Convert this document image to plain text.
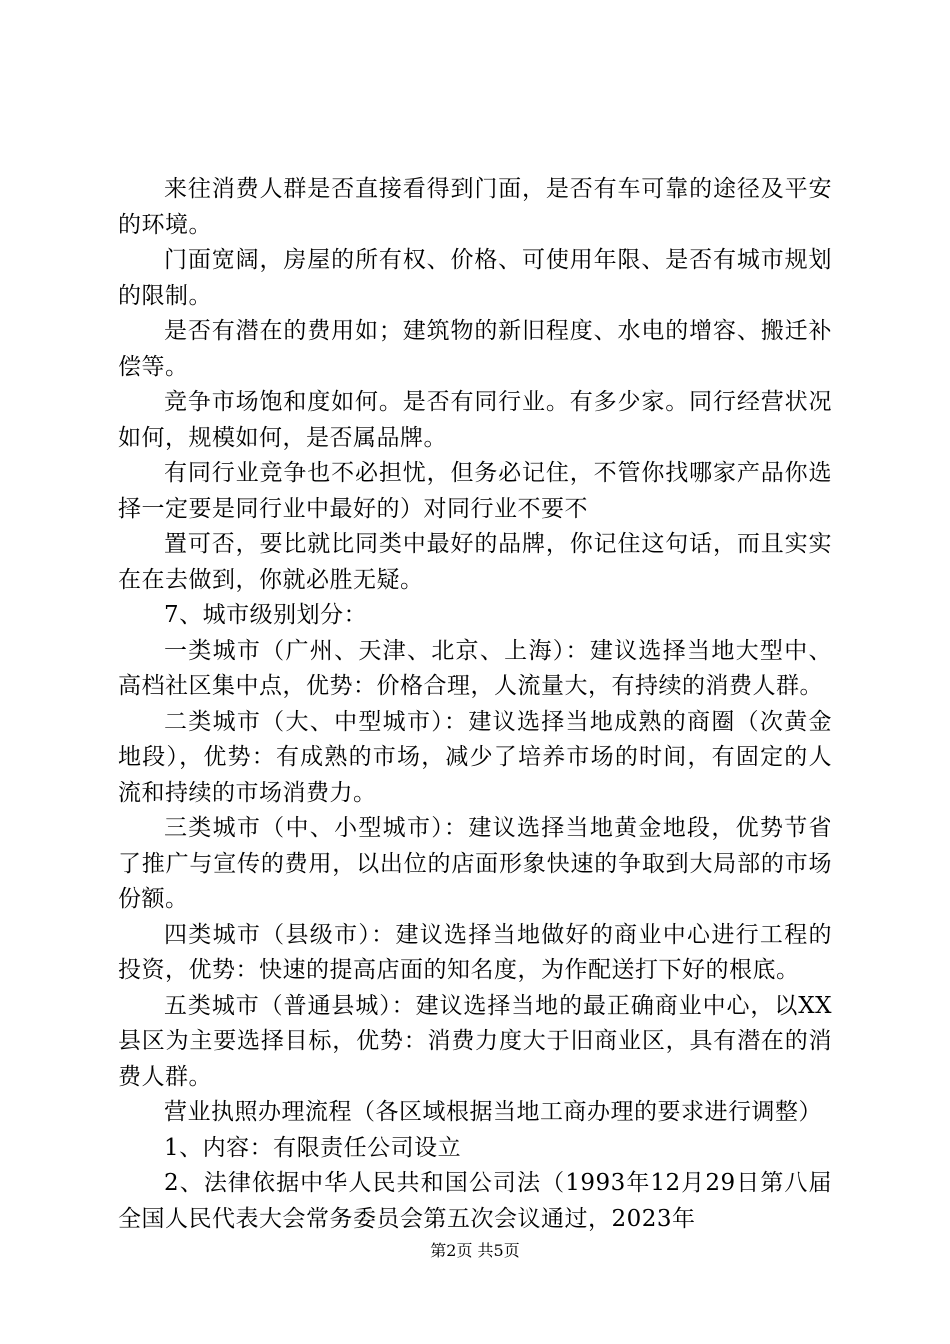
来往消费人群是否直接看得到门面，是否有车可靠的途径及平安的环境。

门面宽阔，房屋的所有权、价格、可使用年限、是否有城市规划的限制。

是否有潜在的费用如；建筑物的新旧程度、水电的增容、搬迁补偿等。

竞争市场饱和度如何。是否有同行业。有多少家。同行经营状况如何，规模如何，是否属品牌。

有同行业竞争也不必担忧，但务必记住，不管你找哪家产品你选择一定要是同行业中最好的）对同行业不要不

置可否，要比就比同类中最好的品牌，你记住这句话，而且实实在在去做到，你就必胜无疑。

7、城市级别划分：

一类城市（广州、天津、北京、上海）：建议选择当地大型中、高档社区集中点，优势：价格合理，人流量大，有持续的消费人群。

二类城市（大、中型城市）：建议选择当地成熟的商圈（次黄金地段），优势：有成熟的市场，减少了培养市场的时间，有固定的人流和持续的市场消费力。

三类城市（中、小型城市）：建议选择当地黄金地段，优势节省了推广与宣传的费用，以出位的店面形象快速的争取到大局部的市场份额。

四类城市（县级市）：建议选择当地做好的商业中心进行工程的投资，优势：快速的提高店面的知名度，为作配送打下好的根底。

五类城市（普通县城）：建议选择当地的最正确商业中心，以XX县区为主要选择目标，优势：消费力度大于旧商业区，具有潜在的消费人群。

营业执照办理流程（各区域根据当地工商办理的要求进行调整）

1、内容：有限责任公司设立

2、法律依据中华人民共和国公司法（1993年12月29日第八届全国人民代表大会常务委员会第五次会议通过，2023年

第2页 共5页
